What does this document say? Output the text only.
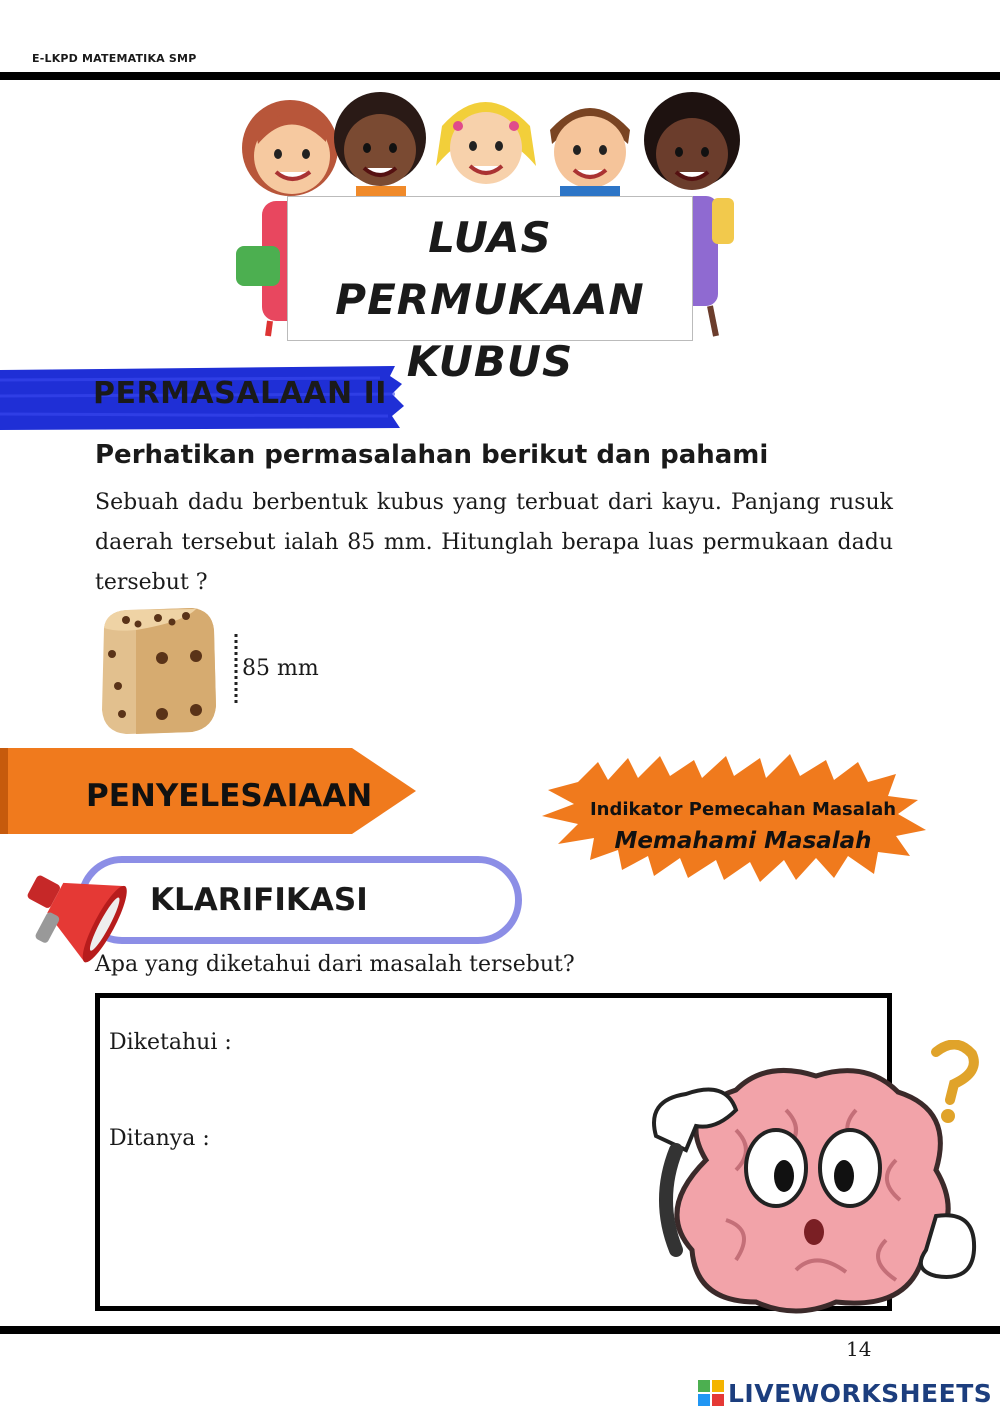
E-LKPD MATEMATIKA SMP
LUAS PERMUKAAN
KUBUS
PERMASALAAN II
Perhatikan permasalahan berikut dan pahami
Sebuah dadu berbentuk kubus yang terbuat dari kayu. Panjang rusuk daerah tersebut ialah 85 mm. Hitunglah berapa luas permukaan dadu tersebut ?
85 mm
PENYELESAIAAN	Indikator Pemecahan Masalah
Memahami Masalah
KLARIFIKASI
Apa yang diketahui dari masalah tersebut?
Diketahui :
Ditanya :
14
LIVEWORKSHEETS
